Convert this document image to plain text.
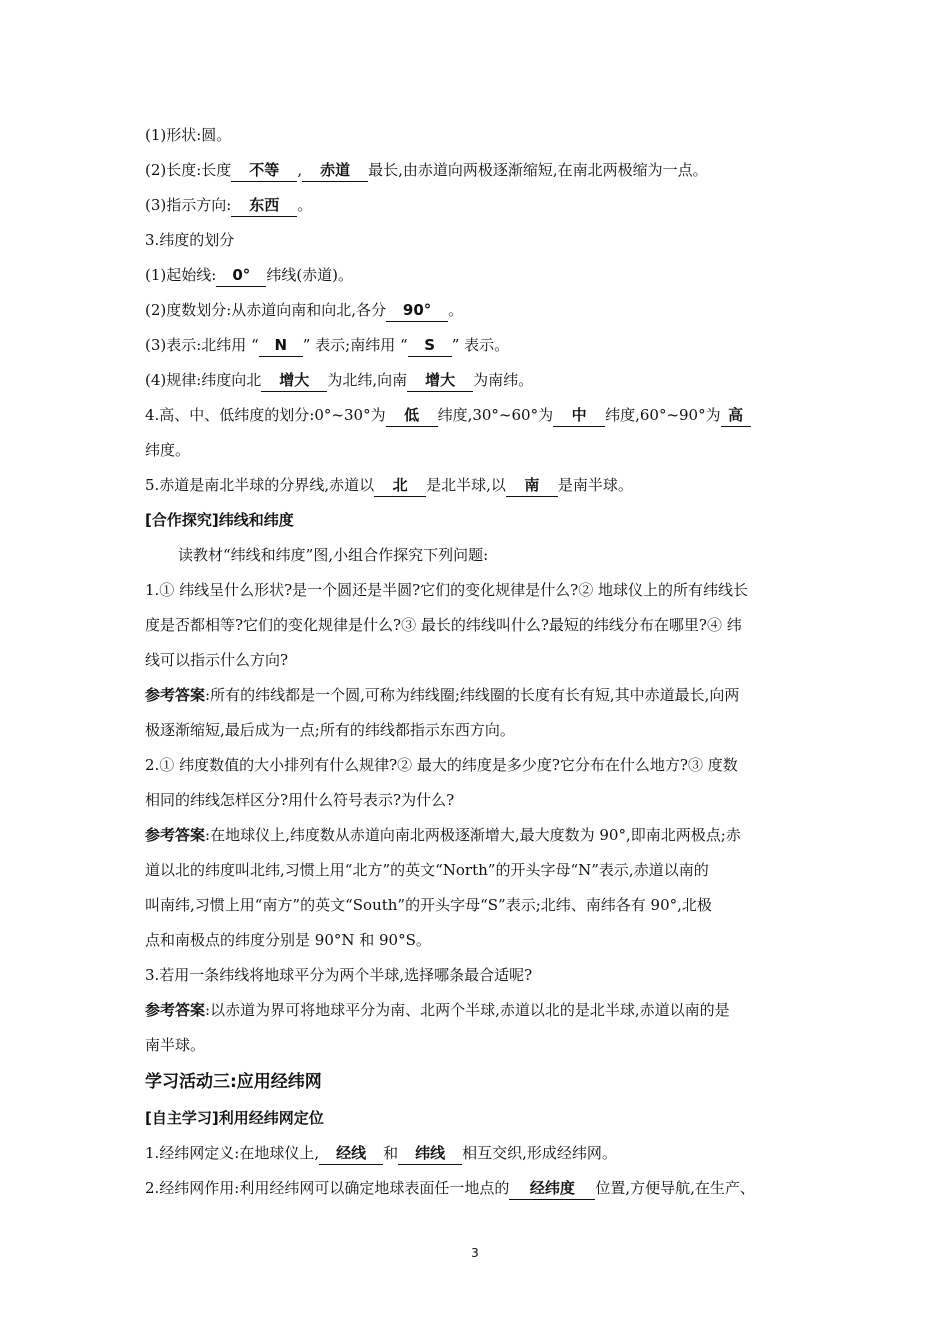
(1)形状:圆。
(2)长度:长度 不等 , 赤道 最长,由赤道向两极逐渐缩短,在南北两极缩为一点。
(3)指示方向: 东西 。
3.纬度的划分
(1)起始线: 0° 纬线(赤道)。
(2)度数划分:从赤道向南和向北,各分 90° 。
(3)表示:北纬用 “ N ” 表示;南纬用 “ S ” 表示。
(4)规律:纬度向北 增大 为北纬,向南 增大 为南纬。
4.高、中、低纬度的划分:0°~30°为 低 纬度,30°~60°为 中 纬度,60°~90°为 高
纬度。
5.赤道是南北半球的分界线,赤道以 北 是北半球,以 南 是南半球。
[合作探究]纬线和纬度
读教材“纬线和纬度”图,小组合作探究下列问题:
1.① 纬线呈什么形状?是一个圆还是半圆?它们的变化规律是什么?② 地球仪上的所有纬线长
度是否都相等?它们的变化规律是什么?③ 最长的纬线叫什么?最短的纬线分布在哪里?④ 纬
线可以指示什么方向?
参考答案:所有的纬线都是一个圆,可称为纬线圈;纬线圈的长度有长有短,其中赤道最长,向两
极逐渐缩短,最后成为一点;所有的纬线都指示东西方向。
2.① 纬度数值的大小排列有什么规律?② 最大的纬度是多少度?它分布在什么地方?③ 度数
相同的纬线怎样区分?用什么符号表示?为什么?
参考答案:在地球仪上,纬度数从赤道向南北两极逐渐增大,最大度数为 90°,即南北两极点;赤
道以北的纬度叫北纬,习惯上用“北方”的英文“North”的开头字母“N”表示,赤道以南的
叫南纬,习惯上用“南方”的英文“South”的开头字母“S”表示;北纬、南纬各有 90°,北极
点和南极点的纬度分别是 90°N 和 90°S。
3.若用一条纬线将地球平分为两个半球,选择哪条最合适呢?
参考答案:以赤道为界可将地球平分为南、北两个半球,赤道以北的是北半球,赤道以南的是
南半球。
学习活动三:应用经纬网
[自主学习]利用经纬网定位
1.经纬网定义:在地球仪上, 经线 和 纬线 相互交织,形成经纬网。
2.经纬网作用:利用经纬网可以确定地球表面任一地点的 经纬度 位置,方便导航,在生产、
3
